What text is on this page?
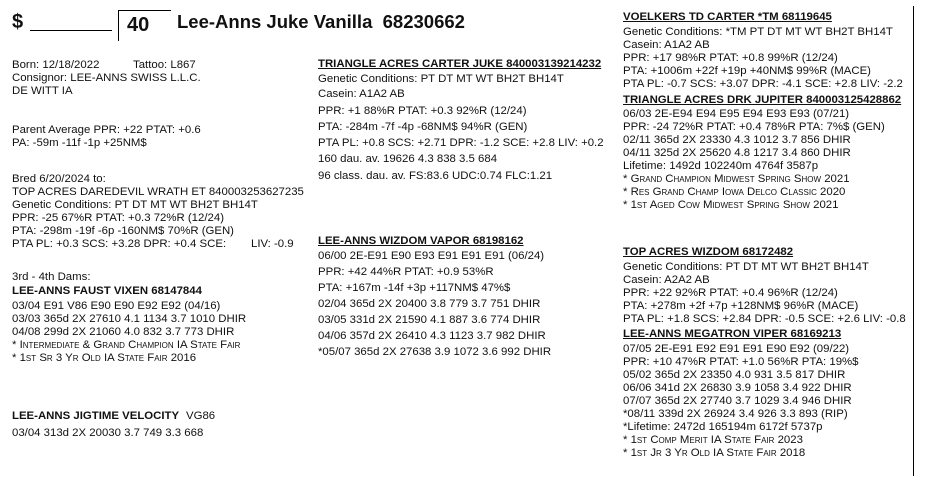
$	40 Lee-Anns Juke Vanilla 68230662
Born: 12/18/2022	Tattoo: L867
Consignor: LEE-ANNS SWISS L.L.C.
DE WITT IA
Parent Average PPR: +22 PTAT: +0.6
PA: -59m -11f -1p +25NM$
Bred 6/20/2024 to:
TOP ACRES DAREDEVIL WRATH ET 840003253627235
Genetic Conditions: PT DT MT WT BH2T BH14T
PPR: -25 67%R PTAT: +0.3 72%R (12/24)
PTA: -298m -19f -6p -160NM$ 70%R (GEN)
PTA PL: +0.3 SCS: +3.28 DPR: +0.4 SCE: LIV: -0.9
3rd - 4th Dams:
LEE-ANNS FAUST VIXEN 68147844
03/04 E91 V86 E90 E90 E92 E92 (04/16)
03/03 365d 2X 27610 4.1 1134 3.7 1010 DHIR
04/08 299d 2X 21060 4.0 832 3.7 773 DHIR
* Intermediate & Grand Champion IA State Fair
* 1st Sr 3 Yr Old IA State Fair 2016
LEE-ANNS JIGTIME VELOCITY VG86
03/04 313d 2X 20030 3.7 749 3.3 668
TRIANGLE ACRES CARTER JUKE 840003139214232
Genetic Conditions: PT DT MT WT BH2T BH14T
Casein: A1A2 AB
PPR: +1 88%R PTAT: +0.3 92%R (12/24)
PTA: -284m -7f -4p -68NM$ 94%R (GEN)
PTA PL: +0.8 SCS: +2.71 DPR: -1.2 SCE: +2.8 LIV: +0.2
160 dau. av. 19626 4.3 838 3.5 684
96 class. dau. av. FS:83.6 UDC:0.74 FLC:1.21
LEE-ANNS WIZDOM VAPOR 68198162
06/00 2E-E91 E90 E93 E91 E91 E91 (06/24)
PPR: +42 44%R PTAT: +0.9 53%R
PTA: +167m -14f +3p +117NM$ 47%$
02/04 365d 2X 20400 3.8 779 3.7 751 DHIR
03/05 331d 2X 21590 4.1 887 3.6 774 DHIR
04/06 357d 2X 26410 4.3 1123 3.7 982 DHIR
*05/07 365d 2X 27638 3.9 1072 3.6 992 DHIR
VOELKERS TD CARTER *TM 68119645
Genetic Conditions: *TM PT DT MT WT BH2T BH14T
Casein: A1A2 AB
PPR: +17 98%R PTAT: +0.8 99%R (12/24)
PTA: +1006m +22f +19p +40NM$ 99%R (MACE)
PTA PL: -0.7 SCS: +3.07 DPR: -4.1 SCE: +2.8 LIV: -2.2
TRIANGLE ACRES DRK JUPITER 840003125428862
06/03 2E-E94 E94 E95 E94 E93 E93 (07/21)
PPR: -24 72%R PTAT: +0.4 78%R PTA: 7%$ (GEN)
02/11 365d 2X 23330 4.3 1012 3.7 856 DHIR
04/11 325d 2X 25620 4.8 1217 3.4 860 DHIR
Lifetime: 1492d 102240m 4764f 3587p
* Grand Champion Midwest Spring Show 2021
* Res Grand Champ Iowa Delco Classic 2020
* 1st Aged Cow Midwest Spring Show 2021
TOP ACRES WIZDOM 68172482
Genetic Conditions: PT DT MT WT BH2T BH14T
Casein: A2A2 AB
PPR: +22 92%R PTAT: +0.4 96%R (12/24)
PTA: +278m +2f +7p +128NM$ 96%R (MACE)
PTA PL: +1.8 SCS: +2.84 DPR: -0.5 SCE: +2.6 LIV: -0.8
LEE-ANNS MEGATRON VIPER 68169213
07/05 2E-E91 E92 E91 E91 E90 E92 (09/22)
PPR: +10 47%R PTAT: +1.0 56%R PTA: 19%$
05/02 365d 2X 23350 4.0 931 3.5 817 DHIR
06/06 341d 2X 26830 3.9 1058 3.4 922 DHIR
07/07 365d 2X 27740 3.7 1029 3.4 946 DHIR
*08/11 339d 2X 26924 3.4 926 3.3 893 (RIP)
*Lifetime: 2472d 165194m 6172f 5737p
* 1st Comp Merit IA State Fair 2023
* 1st Jr 3 Yr Old IA State Fair 2018
